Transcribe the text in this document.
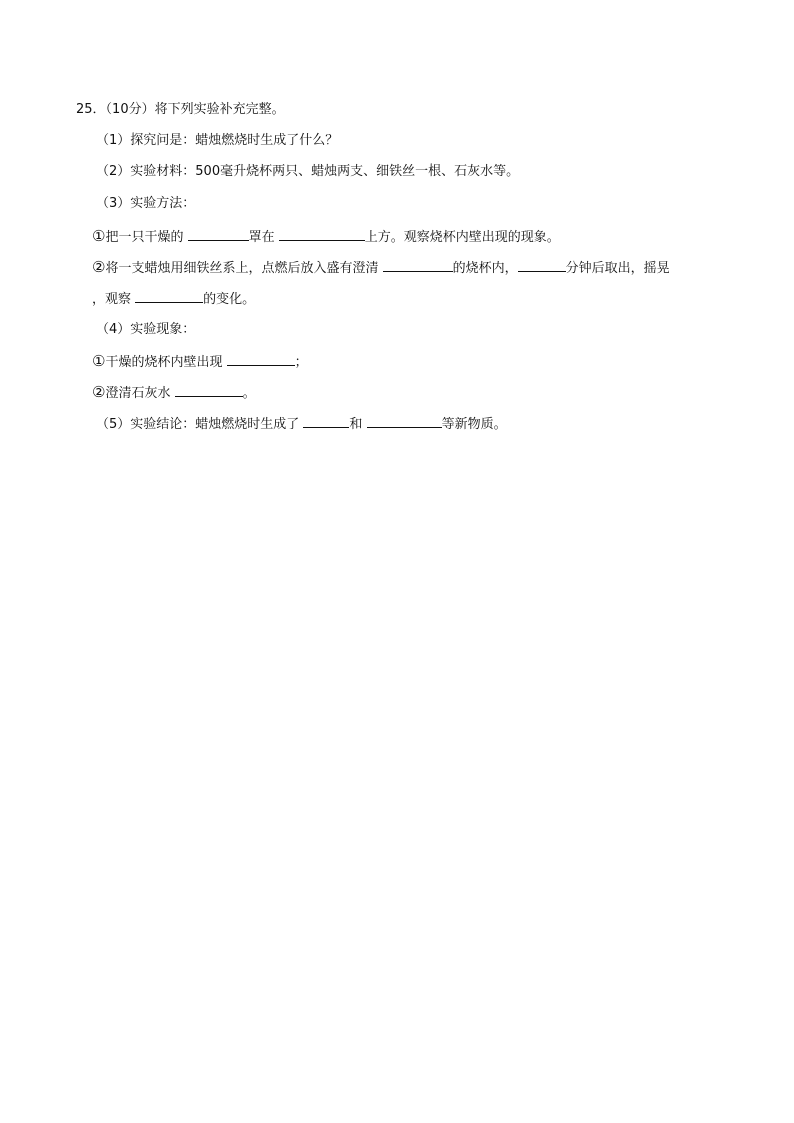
25．（10分）将下列实验补充完整。
（1）探究问是：蜡烛燃烧时生成了什么？
（2）实验材料：500毫升烧杯两只、蜡烛两支、细铁丝一根、石灰水等。
（3）实验方法：
①把一只干燥的	罩在	上方。观察烧杯内壁出现的现象。
②将一支蜡烛用细铁丝系上，点燃后放入盛有澄清	的烧杯内，	分钟后取出，摇晃
，观察	的变化。
（4）实验现象：
①干燥的烧杯内壁出现	；
②澄清石灰水	。
（5）实验结论：蜡烛燃烧时生成了	和	等新物质。
